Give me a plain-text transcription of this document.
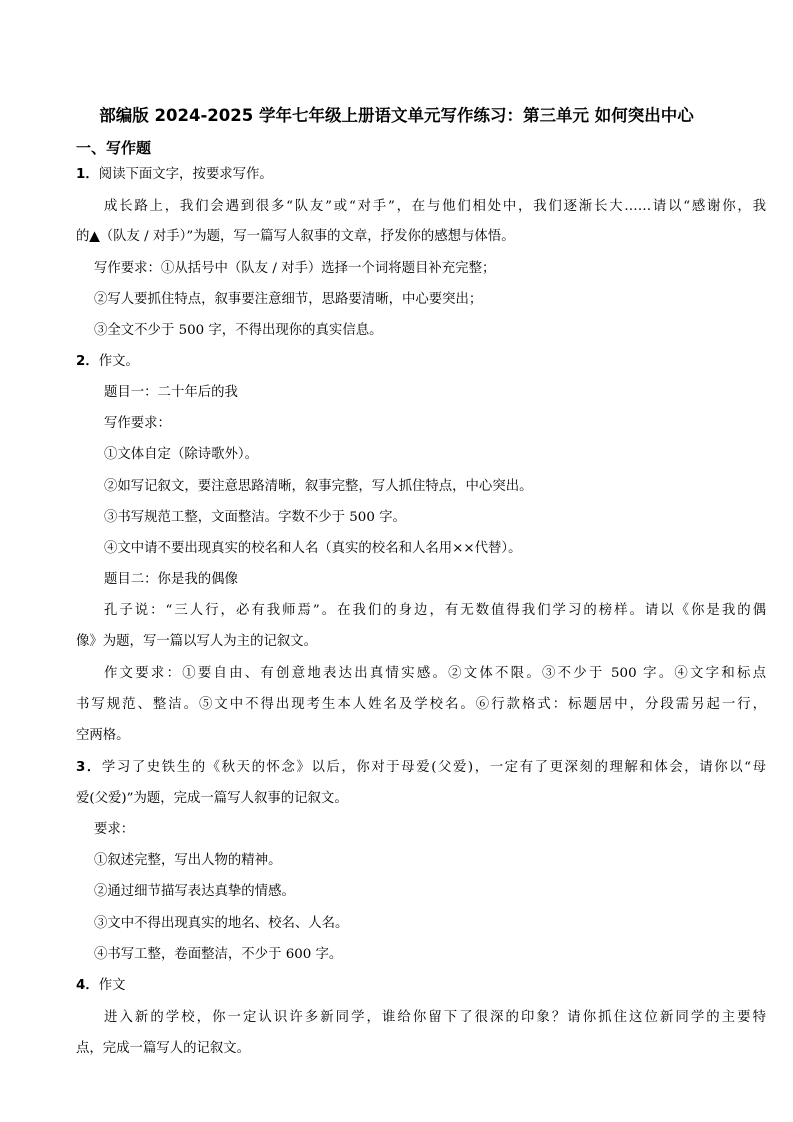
部编版 2024-2025 学年七年级上册语文单元写作练习：第三单元 如何突出中心
一、写作题
1．阅读下面文字，按要求写作。
成长路上，我们会遇到很多“队友”或“对手”，在与他们相处中，我们逐渐长大……请以“感谢你，我
的▲（队友 / 对手）”为题，写一篇写人叙事的文章，抒发你的感想与体悟。
写作要求：①从括号中（队友 / 对手）选择一个词将题目补充完整；
②写人要抓住特点，叙事要注意细节，思路要清晰，中心要突出；
③全文不少于 500 字，不得出现你的真实信息。
2．作文。
题目一：二十年后的我
写作要求：
①文体自定（除诗歌外）。
②如写记叙文，要注意思路清晰，叙事完整，写人抓住特点，中心突出。
③书写规范工整，文面整洁。字数不少于 500 字。
④文中请不要出现真实的校名和人名（真实的校名和人名用××代替）。
题目二：你是我的偶像
孔子说：“三人行，必有我师焉”。在我们的身边，有无数值得我们学习的榜样。请以《你是我的偶
像》为题，写一篇以写人为主的记叙文。
作文要求：①要自由、有创意地表达出真情实感。②文体不限。③不少于 500 字。④文字和标点
书写规范、整洁。⑤文中不得出现考生本人姓名及学校名。⑥行款格式：标题居中，分段需另起一行，
空两格。
3．学习了史铁生的《秋天的怀念》以后，你对于母爱(父爱)，一定有了更深刻的理解和体会，请你以“母
爱(父爱)”为题，完成一篇写人叙事的记叙文。
要求：
①叙述完整，写出人物的精神。
②通过细节描写表达真挚的情感。
③文中不得出现真实的地名、校名、人名。
④书写工整，卷面整洁，不少于 600 字。
4．作文
进入新的学校，你一定认识许多新同学，谁给你留下了很深的印象？请你抓住这位新同学的主要特
点，完成一篇写人的记叙文。
